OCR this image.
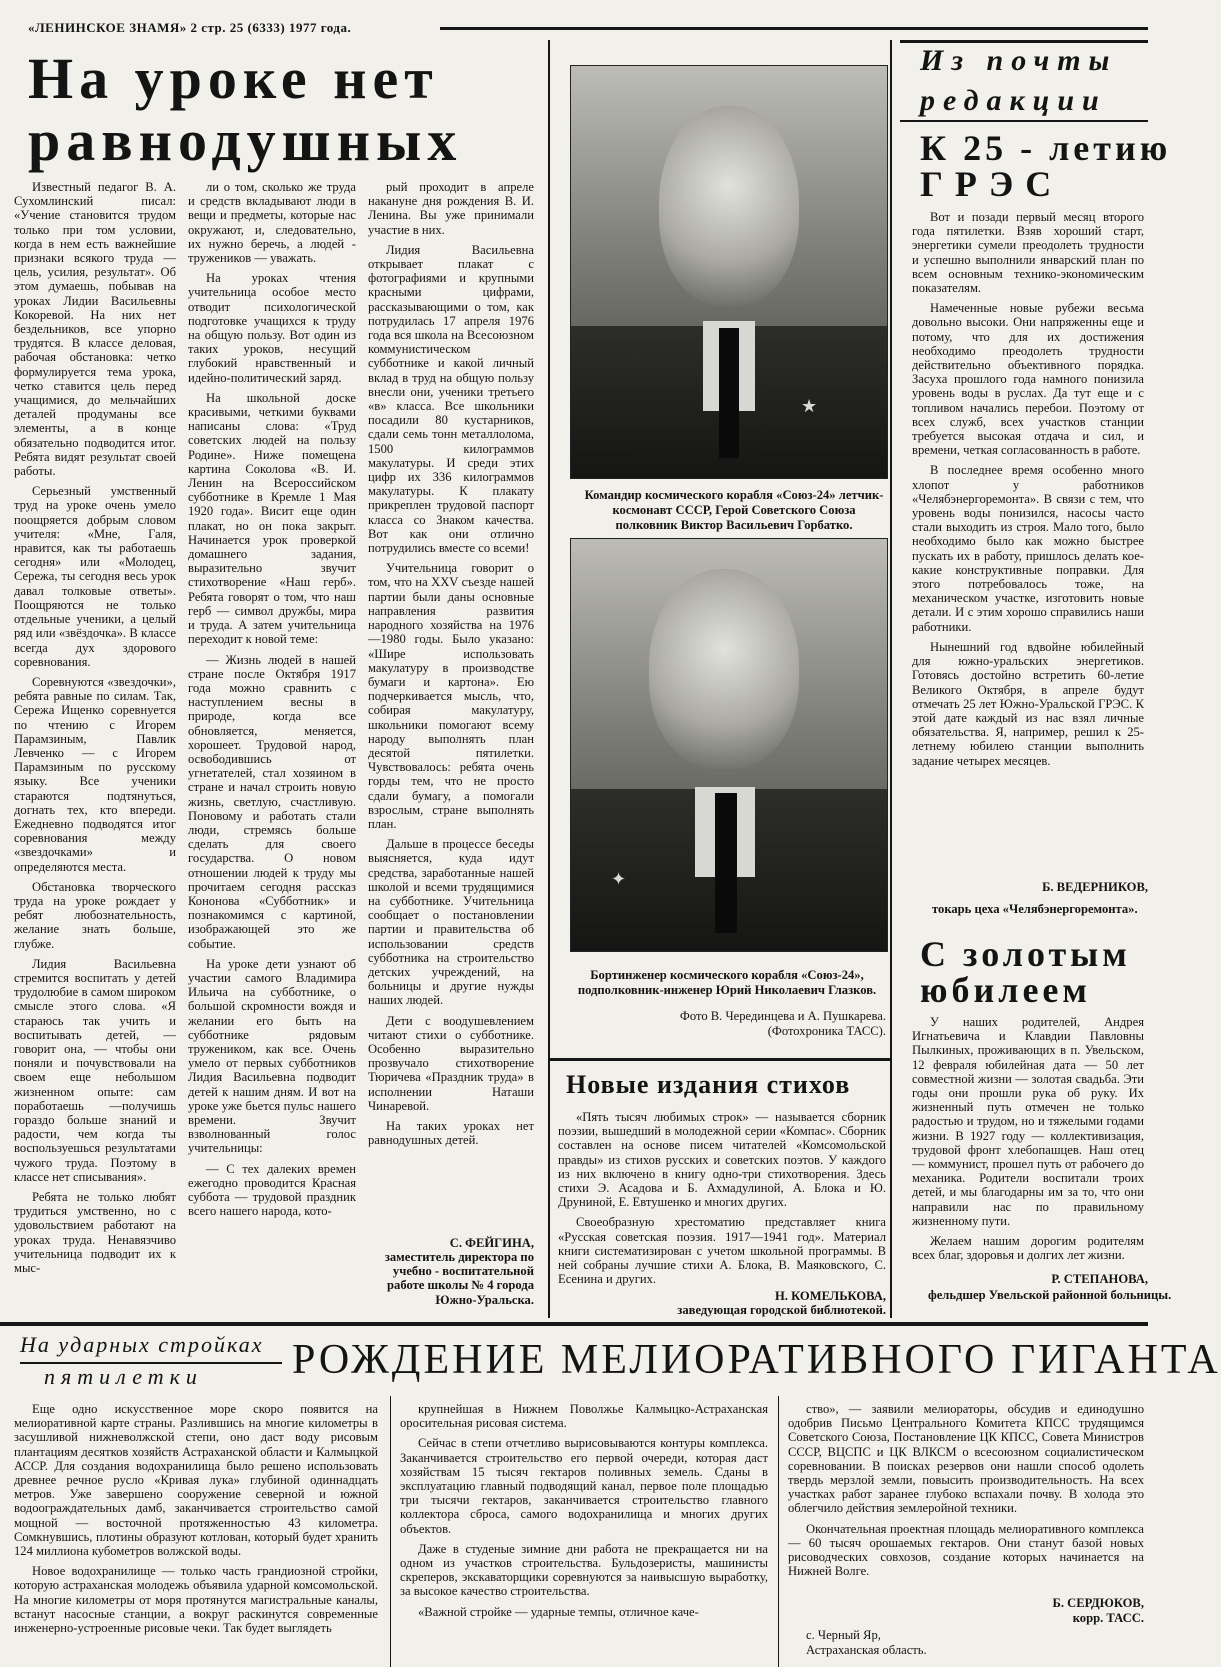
«ЛЕНИНСКОЕ ЗНАМЯ» 2 стр. 25 (6333) 1977 года.
На уроке нет
равнодушных

Известный педагог В. А. Сухомлинский писал: «Учение становится трудом только при том условии, когда в нем есть важнейшие признаки всякого труда —цель, усилия, результат». Об этом думаешь, побывав на уроках Лидии Васильевны Кокоревой. На них нет бездельников, все упорно трудятся. В классе деловая, рабочая обстановка: четко формулируется тема урока, четко ставится цель перед учащимися, до мельчайших деталей продуманы все элементы, а в конце обязательно подводится итог. Ребята видят результат своей работы.

Серьезный умственный труд на уроке очень умело поощряется добрым словом учителя: «Мне, Галя, нравится, как ты работаешь сегодня» или «Молодец, Сережа, ты сегодня весь урок давал толковые ответы». Поощряются не только отдельные ученики, а целый ряд или «звёздочка». В классе всегда дух здорового соревнования.

Соревнуются «звездочки», ребята равные по силам. Так, Сережа Ищенко соревнуется по чтению с Игорем Парамзиным, Павлик Левченко — с Игорем Парамзиным по русскому языку. Все ученики стараются подтянуться, догнать тех, кто впереди. Ежедневно подводятся итог соревнования между «звездочками» и определяются места.

Обстановка творческого труда на уроке рождает у ребят любознательность, желание знать больше, глубже.

Лидия Васильевна стремится воспитать у детей трудолюбие в самом широком смысле этого слова. «Я стараюсь так учить и воспитывать детей, — говорит она, — чтобы они поняли и почувствовали на своем еще небольшом жизненном опыте: сам поработаешь —получишь гораздо больше знаний и радости, чем когда ты воспользуешься результатами чужого труда. Поэтому в классе нет списывания».

Ребята не только любят трудиться умственно, но с удовольствием работают на уроках труда. Ненавязчиво учительница подводит их к мыс-

ли о том, сколько же труда и средств вкладывают люди в вещи и предметы, которые нас окружают, и, следовательно, их нужно беречь, а людей - тружеников — уважать.

На уроках чтения учительница особое место отводит психологической подготовке учащихся к труду на общую пользу. Вот один из таких уроков, несущий глубокий нравственный и идейно-политический заряд.

На школьной доске красивыми, четкими буквами написаны слова: «Труд советских людей на пользу Родине». Ниже помещена картина Соколова «В. И. Ленин на Всероссийском субботнике в Кремле 1 Мая 1920 года». Висит еще один плакат, но он пока закрыт. Начинается урок проверкой домашнего задания, выразительно звучит стихотворение «Наш герб». Ребята говорят о том, что наш герб — символ дружбы, мира и труда. А затем учительница переходит к новой теме:

— Жизнь людей в нашей стране после Октября 1917 года можно сравнить с наступлением весны в природе, когда все обновляется, меняется, хорошеет. Трудовой народ, освободившись от угнетателей, стал хозяином в стране и начал строить новую жизнь, светлую, счастливую. Поновому и работать стали люди, стремясь больше сделать для своего государства. О новом отношении людей к труду мы прочитаем сегодня рассказ Кононова «Субботник» и познакомимся с картиной, изображающей это же событие.

На уроке дети узнают об участии самого Владимира Ильича на субботнике, о большой скромности вождя и желании его быть на субботнике рядовым тружеником, как все. Очень умело от первых субботников Лидия Васильевна подводит детей к нашим дням. И вот на уроке уже бьется пульс нашего времени. Звучит взволнованный голос учительницы:

— С тех далеких времен ежегодно проводится Красная суббота — трудовой праздник всего нашего народа, кото-

рый проходит в апреле накануне дня рождения В. И. Ленина. Вы уже принимали участие в них.

Лидия Васильевна открывает плакат с фотографиями и крупными красными цифрами, рассказывающими о том, как потрудилась 17 апреля 1976 года вся школа на Всесоюзном коммунистическом субботнике и какой личный вклад в труд на общую пользу внесли они, ученики третьего «в» класса. Все школьники посадили 80 кустарников, сдали семь тонн металлолома, 1500 килограммов макулатуры. И среди этих цифр их 336 килограммов макулатуры. К плакату прикреплен трудовой паспорт класса со Знаком качества. Вот как они отлично потрудились вместе со всеми!

Учительница говорит о том, что на XXV съезде нашей партии были даны основные направления развития народного хозяйства на 1976—1980 годы. Было указано: «Шире использовать макулатуру в производстве бумаги и картона». Ею подчеркивается мысль, что, собирая макулатуру, школьники помогают всему народу выполнять план десятой пятилетки. Чувствовалось: ребята очень горды тем, что не просто сдали бумагу, а помогали взрослым, стране выполнять план.

Дальше в процессе беседы выясняется, куда идут средства, заработанные нашей школой и всеми трудящимися на субботнике. Учительница сообщает о постановлении партии и правительства об использовании средств субботника на строительство детских учреждений, на больницы и другие нужды наших людей.

Дети с воодушевлением читают стихи о субботнике. Особенно выразительно прозвучало стихотворение Тюричева «Праздник труда» в исполнении Наташи Чинаревой.

На таких уроках нет равнодушных детей.

С. ФЕЙГИНА,
заместитель директора по учебно - воспитательной работе школы № 4 города Южно-Уральска.
★
Командир космического корабля «Союз-24» летчик-космонавт СССР, Герой Советского Союза полковник Виктор Васильевич Горбатко.
✦
Бортинженер космического корабля «Союз-24», подполковник-инженер Юрий Николаевич Глазков.
Фото В. Черединцева и А. Пушкарева.
(Фотохроника ТАСС).
Новые издания стихов

«Пять тысяч любимых строк» — называется сборник поэзии, вышедший в молодежной серии «Компас». Сборник составлен на основе писем читателей «Комсомольской правды» из стихов русских и советских поэтов. У каждого из них включено в книгу одно-три стихотворения. Здесь стихи Э. Асадова и Б. Ахмадулиной, А. Блока и Ю. Друниной, Е. Евтушенко и многих других.

Своеобразную хрестоматию представляет книга «Русская советская поэзия. 1917—1941 год». Материал книги систематизирован с учетом школьной программы. В ней собраны лучшие стихи А. Блока, В. Маяковского, С. Есенина и других.

Н. КОМЕЛЬКОВА,
заведующая городской библиотекой.
Из почты
редакции
К 25 - летию
ГРЭС

Вот и позади первый месяц второго года пятилетки. Взяв хороший старт, энергетики сумели преодолеть трудности и успешно выполнили январский план по всем основным технико-экономическим показателям.

Намеченные новые рубежи весьма довольно высоки. Они напряженны еще и потому, что для их достижения необходимо преодолеть трудности действительно объективного порядка. Засуха прошлого года намного понизила уровень воды в руслах. Да тут еще и с топливом начались перебои. Поэтому от всех служб, всех участков станции требуется высокая отдача и сил, и времени, четкая согласованность в работе.

В последнее время особенно много хлопот у работников «Челябэнергоремонта». В связи с тем, что уровень воды понизился, насосы часто стали выходить из строя. Мало того, было необходимо было как можно быстрее пускать их в работу, пришлось делать кое-какие конструктивные поправки. Для этого потребовалось тоже, на механическом участке, изготовить новые детали. И с этим хорошо справились наши работники.

Нынешний год вдвойне юбилейный для южно-уральских энергетиков. Готовясь достойно встретить 60-летие Великого Октября, в апреле будут отмечать 25 лет Южно-Уральской ГРЭС. К этой дате каждый из нас взял личные обязательства. Я, например, решил к 25-летнему юбилею станции выполнить задание четырех месяцев.

Б. ВЕДЕРНИКОВ,
токарь цеха «Челябэнергоремонта».
С золотым
юбилеем

У наших родителей, Андрея Игнатьевича и Клавдии Павловны Пылкиных, проживающих в п. Увельском, 12 февраля юбилейная дата — 50 лет совместной жизни — золотая свадьба. Эти годы они прошли рука об руку. Их жизненный путь отмечен не только радостью и трудом, но и тяжелыми годами жизни. В 1927 году — коллективизация, трудовой фронт хлебопашцев. Наш отец — коммунист, прошел путь от рабочего до механика. Родители воспитали троих детей, и мы благодарны им за то, что они направили нас по правильному жизненному пути.

Желаем нашим дорогим родителям всех благ, здоровья и долгих лет жизни.

Р. СТЕПАНОВА,
фельдшер Увельской районной больницы.
На ударных стройках
пятилетки	РОЖДЕНИЕ МЕЛИОРАТИВНОГО ГИГАНТА

Еще одно искусственное море скоро появится на мелиоративной карте страны. Разлившись на многие километры в засушливой нижневолжской степи, оно даст воду рисовым плантациям десятков хозяйств Астраханской области и Калмыцкой АССР. Для создания водохранилища было решено использовать древнее речное русло «Кривая лука» глубиной одиннадцать метров. Уже завершено сооружение северной и южной водоограждательных дамб, заканчивается строительство самой мощной — восточной протяженностью 43 километра. Сомкнувшись, плотины образуют котлован, который будет хранить 124 миллиона кубометров волжской воды.

Новое водохранилище — только часть грандиозной стройки, которую астраханская молодежь объявила ударной комсомольской. На многие километры от моря протянутся магистральные каналы, встанут насосные станции, а вокруг раскинутся современные инженерно-устроенные рисовые чеки. Так будет выглядеть

крупнейшая в Нижнем Поволжье Калмыцко-Астраханская оросительная рисовая система.

Сейчас в степи отчетливо вырисовываются контуры комплекса. Заканчивается строительство его первой очереди, которая даст хозяйствам 15 тысяч гектаров поливных земель. Сданы в эксплуатацию главный подводящий канал, первое поле площадью три тысячи гектаров, заканчивается строительство главного коллектора сброса, самого водохранилища и многих других объектов.

Даже в студеные зимние дни работа не прекращается ни на одном из участков строительства. Бульдозеристы, машинисты скреперов, экскаваторщики соревнуются за наивысшую выработку, за высокое качество строительства.

«Важной стройке — ударные темпы, отличное каче-

ство», — заявили мелиораторы, обсудив и единодушно одобрив Письмо Центрального Комитета КПСС трудящимся Советского Союза, Постановление ЦК КПСС, Совета Министров СССР, ВЦСПС и ЦК ВЛКСМ о всесоюзном социалистическом соревновании. В поисках резервов они нашли способ одолеть твердь мерзлой земли, повысить производительность. На всех участках работ заранее глубоко вспахали почву. В холода это облегчило действия землеройной техники.

Окончательная проектная площадь мелиоративного комплекса — 60 тысяч орошаемых гектаров. Они станут базой новых рисоводческих совхозов, создание которых начинается на Нижней Волге.

Б. СЕРДЮКОВ,
корр. ТАСС.
с. Черный Яр,
Астраханская область.
